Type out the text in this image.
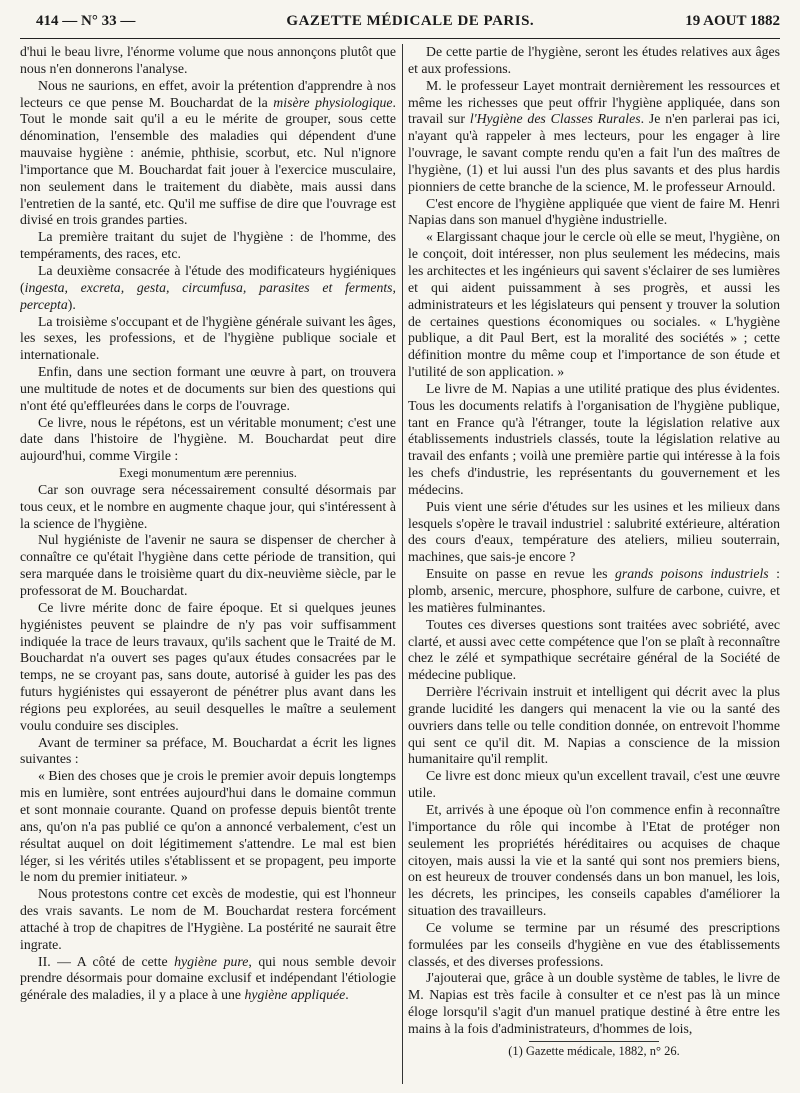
414 — N° 33 —	GAZETTE MÉDICALE DE PARIS.	19 AOUT 1882

d'hui le beau livre, l'énorme volume que nous annonçons plutôt que nous n'en donnerons l'analyse.

Nous ne saurions, en effet, avoir la prétention d'apprendre à nos lecteurs ce que pense M. Bouchardat de la misère physiologique. Tout le monde sait qu'il a eu le mérite de grouper, sous cette dénomination, l'ensemble des maladies qui dépendent d'une mauvaise hygiène : anémie, phthisie, scorbut, etc. Nul n'ignore l'importance que M. Bouchardat fait jouer à l'exercice musculaire, non seulement dans le traitement du diabète, mais aussi dans l'entretien de la santé, etc. Qu'il me suffise de dire que l'ouvrage est divisé en trois grandes parties.

La première traitant du sujet de l'hygiène : de l'homme, des tempéraments, des races, etc.

La deuxième consacrée à l'étude des modificateurs hygiéniques (ingesta, excreta, gesta, circumfusa, parasites et ferments, percepta).

La troisième s'occupant et de l'hygiène générale suivant les âges, les sexes, les professions, et de l'hygiène publique sociale et internationale.

Enfin, dans une section formant une œuvre à part, on trouvera une multitude de notes et de documents sur bien des questions qui n'ont été qu'effleurées dans le corps de l'ouvrage.

Ce livre, nous le répétons, est un véritable monument; c'est une date dans l'histoire de l'hygiène. M. Bouchardat peut dire aujourd'hui, comme Virgile :

Exegi monumentum ære perennius.

Car son ouvrage sera nécessairement consulté désormais par tous ceux, et le nombre en augmente chaque jour, qui s'intéressent à la science de l'hygiène.

Nul hygiéniste de l'avenir ne saura se dispenser de chercher à connaître ce qu'était l'hygiène dans cette période de transition, qui sera marquée dans le troisième quart du dix-neuvième siècle, par le professorat de M. Bouchardat.

Ce livre mérite donc de faire époque. Et si quelques jeunes hygiénistes peuvent se plaindre de n'y pas voir suffisamment indiquée la trace de leurs travaux, qu'ils sachent que le Traité de M. Bouchardat n'a ouvert ses pages qu'aux études consacrées par le temps, ne se croyant pas, sans doute, autorisé à guider les pas des futurs hygiénistes qui essayeront de pénétrer plus avant dans les régions peu explorées, au seuil desquelles le maître a seulement voulu conduire ses disciples.

Avant de terminer sa préface, M. Bouchardat a écrit les lignes suivantes :

« Bien des choses que je crois le premier avoir depuis longtemps mis en lumière, sont entrées aujourd'hui dans le domaine commun et sont monnaie courante. Quand on professe depuis bientôt trente ans, qu'on n'a pas publié ce qu'on a annoncé verbalement, c'est un résultat auquel on doit légitimement s'attendre. Le mal est bien léger, si les vérités utiles s'établissent et se propagent, peu importe le nom du premier initiateur. »

Nous protestons contre cet excès de modestie, qui est l'honneur des vrais savants. Le nom de M. Bouchardat restera forcément attaché à trop de chapitres de l'Hygiène. La postérité ne saurait être ingrate.

II. — A côté de cette hygiène pure, qui nous semble devoir prendre désormais pour domaine exclusif et indépendant l'étiologie générale des maladies, il y a place à une hygiène appliquée.

De cette partie de l'hygiène, seront les études relatives aux âges et aux professions.

M. le professeur Layet montrait dernièrement les ressources et même les richesses que peut offrir l'hygiène appliquée, dans son travail sur l'Hygiène des Classes Rurales. Je n'en parlerai pas ici, n'ayant qu'à rappeler à mes lecteurs, pour les engager à lire l'ouvrage, le savant compte rendu qu'en a fait l'un des maîtres de l'hygiène, (1) et lui aussi l'un des plus savants et des plus hardis pionniers de cette branche de la science, M. le professeur Arnould.

C'est encore de l'hygiène appliquée que vient de faire M. Henri Napias dans son manuel d'hygiène industrielle.

« Elargissant chaque jour le cercle où elle se meut, l'hygiène, on le conçoit, doit intéresser, non plus seulement les médecins, mais les architectes et les ingénieurs qui savent s'éclairer de ses lumières et qui aident puissamment à ses progrès, et aussi les administrateurs et les législateurs qui pensent y trouver la solution de certaines questions économiques ou sociales. « L'hygiène publique, a dit Paul Bert, est la moralité des sociétés » ; cette définition montre du même coup et l'importance de son étude et l'utilité de son application. »

Le livre de M. Napias a une utilité pratique des plus évidentes. Tous les documents relatifs à l'organisation de l'hygiène publique, tant en France qu'à l'étranger, toute la législation relative aux établissements industriels classés, toute la législation relative au travail des enfants ; voilà une première partie qui intéresse à la fois les chefs d'industrie, les représentants du gouvernement et les médecins.

Puis vient une série d'études sur les usines et les milieux dans lesquels s'opère le travail industriel : salubrité extérieure, altération des cours d'eaux, température des ateliers, milieu souterrain, machines, que sais-je encore ?

Ensuite on passe en revue les grands poisons industriels : plomb, arsenic, mercure, phosphore, sulfure de carbone, cuivre, et les matières fulminantes.

Toutes ces diverses questions sont traitées avec sobriété, avec clarté, et aussi avec cette compétence que l'on se plaît à reconnaître chez le zélé et sympathique secrétaire général de la Société de médecine publique.

Derrière l'écrivain instruit et intelligent qui décrit avec la plus grande lucidité les dangers qui menacent la vie ou la santé des ouvriers dans telle ou telle condition donnée, on entrevoit l'homme qui sent ce qu'il dit. M. Napias a conscience de la mission humanitaire qu'il remplit.

Ce livre est donc mieux qu'un excellent travail, c'est une œuvre utile.

Et, arrivés à une époque où l'on commence enfin à reconnaître l'importance du rôle qui incombe à l'Etat de protéger non seulement les propriétés héréditaires ou acquises de chaque citoyen, mais aussi la vie et la santé qui sont nos premiers biens, on est heureux de trouver condensés dans un bon manuel, les lois, les décrets, les principes, les conseils capables d'améliorer la situation des travailleurs.

Ce volume se termine par un résumé des prescriptions formulées par les conseils d'hygiène en vue des établissements classés, et des diverses professions.

J'ajouterai que, grâce à un double système de tables, le livre de M. Napias est très facile à consulter et ce n'est pas là un mince éloge lorsqu'il s'agit d'un manuel pratique destiné à être entre les mains à la fois d'administrateurs, d'hommes de lois,

(1) Gazette médicale, 1882, n° 26.
